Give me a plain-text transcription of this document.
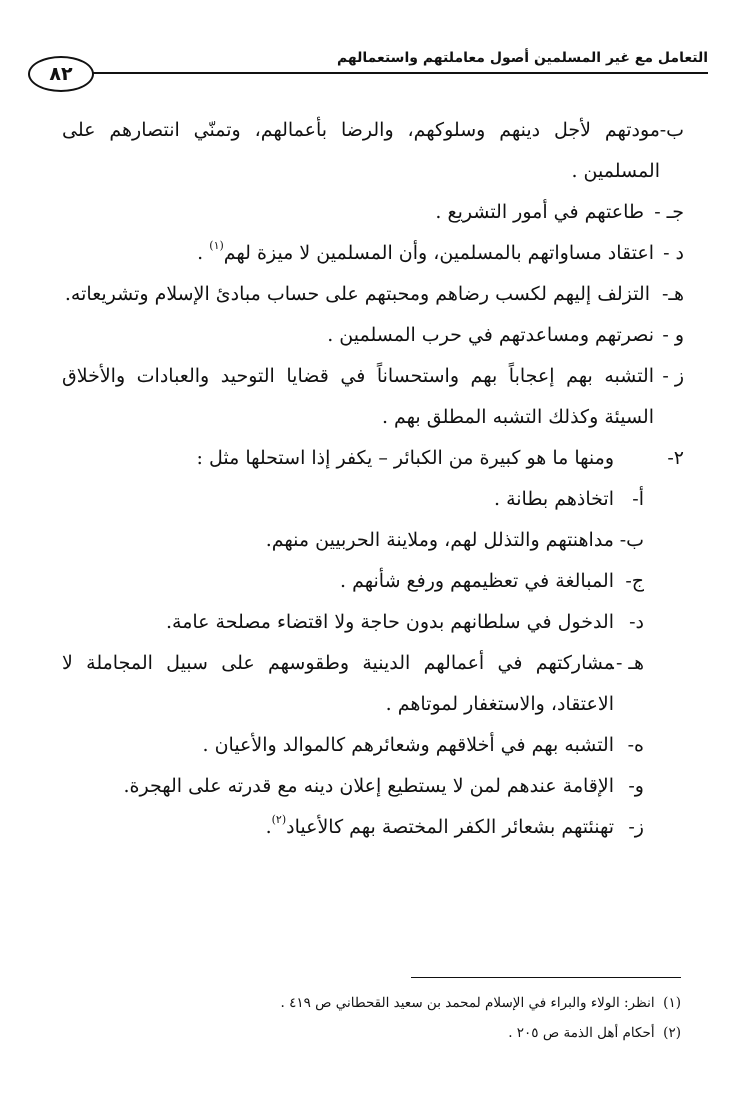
التعامل مع غير المسلمين أصول معاملتهم واستعمالهم
٨٢

ب-
مودتهم لأجل دينهم وسلوكهم، والرضا بأعمالهم، وتمنّي انتصارهم على المسلمين .

جـ -
طاعتهم في أمور التشريع .

د -
اعتقاد مساواتهم بالمسلمين، وأن المسلمين لا ميزة لهم$^{(١)}$ .

هـ-
التزلف إليهم لكسب رضاهم ومحبتهم على حساب مبادئ الإسلام وتشريعاته.

و -
نصرتهم ومساعدتهم في حرب المسلمين .

ز -
التشبه بهم إعجاباً بهم واستحساناً في قضايا التوحيد والعبادات والأخلاق السيئة وكذلك التشبه المطلق بهم .

٢-
ومنها ما هو كبيرة من الكبائر – يكفر إذا استحلها مثل :

أ-
اتخاذهم بطانة .

ب-
مداهنتهم والتذلل لهم، وملاينة الحربيين منهم.

ج-
المبالغة في تعظيمهم ورفع شأنهم .

د-
الدخول في سلطانهم بدون حاجة ولا اقتضاء مصلحة عامة.

هـ -.
مشاركتهم في أعمالهم الدينية وطقوسهم على سبيل المجاملة لا الاعتقاد، والاستغفار لموتاهم .

ه-
التشبه بهم في أخلاقهم وشعائرهم كالموالد والأعيان .

و-
الإقامة عندهم لمن لا يستطيع إعلان دينه مع قدرته على الهجرة.

ز-
تهنئتهم بشعائر الكفر المختصة بهم كالأعياد$^{(٢)}$.

(١)  انظر: الولاء والبراء في الإسلام لمحمد بن سعيد القحطاني ص ٤١٩ .

(٢)  أحكام أهل الذمة ص ٢٠٥ .
